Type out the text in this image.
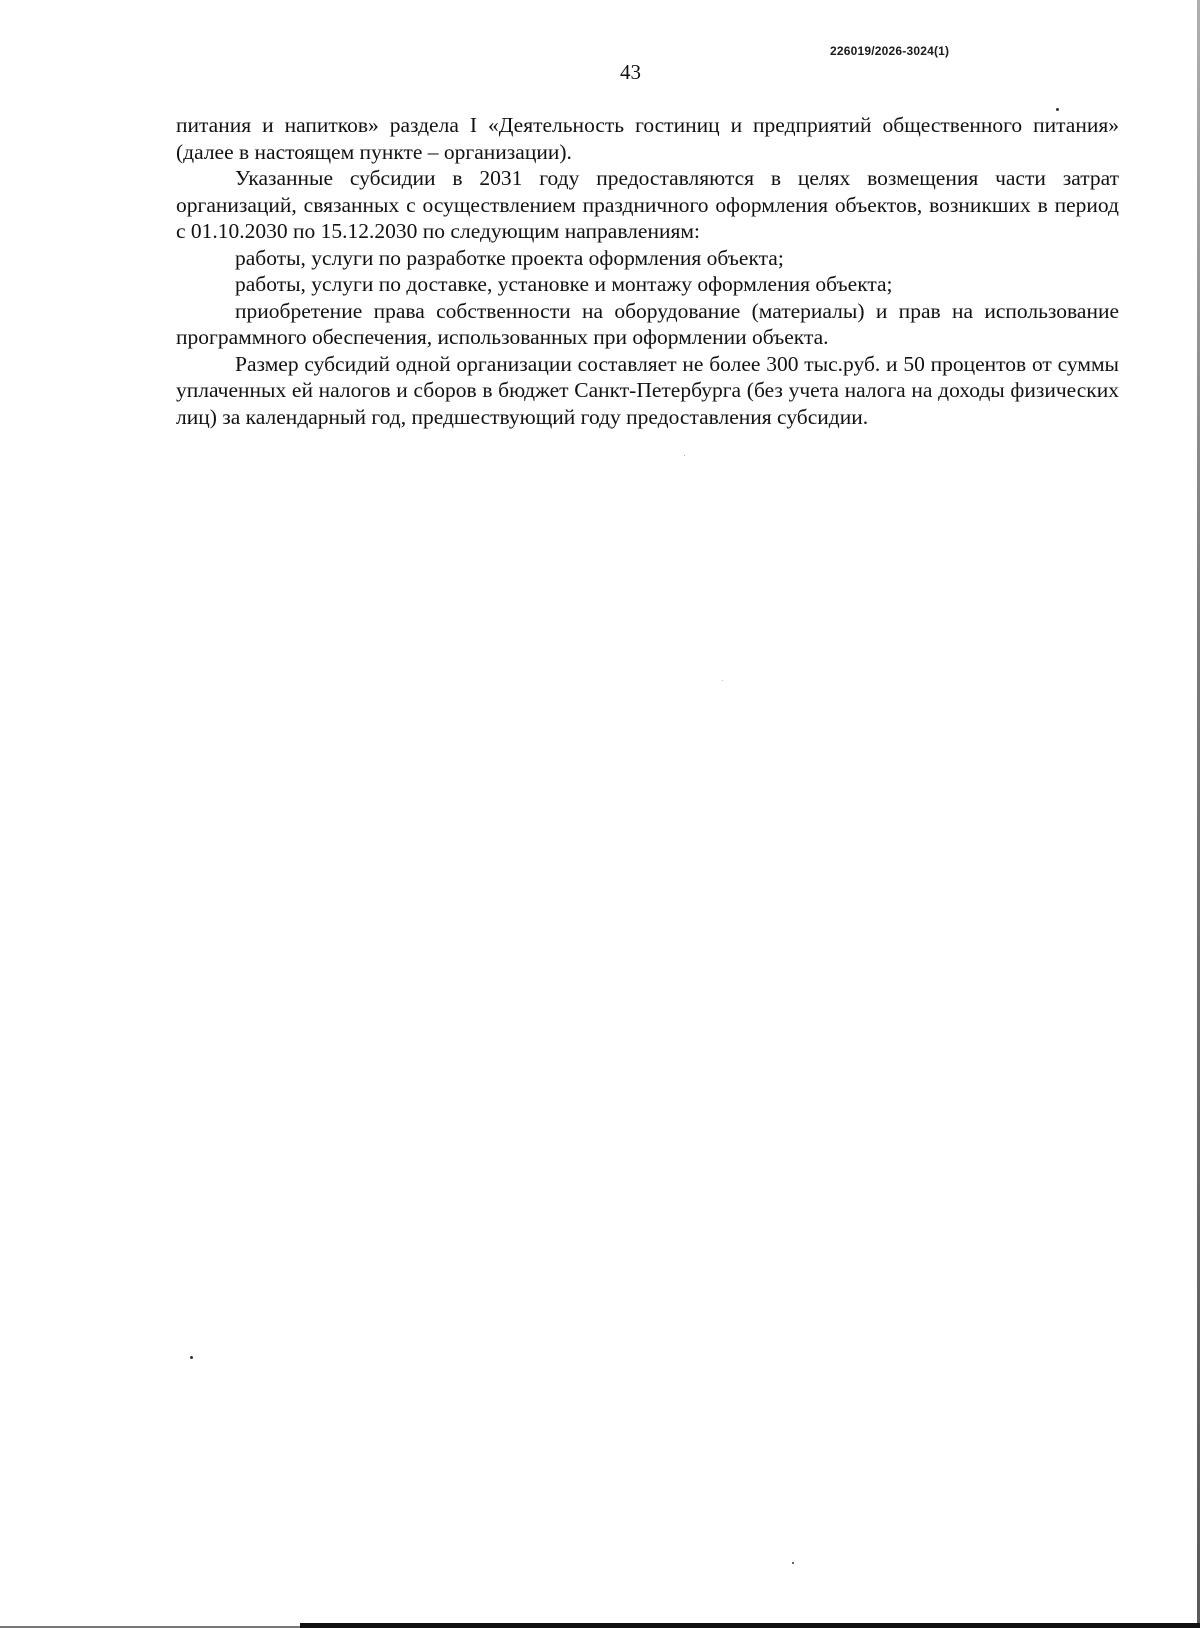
226019/2026-3024(1)
43

питания и напитков» раздела I «Деятельность гостиниц и предприятий общественного питания» (далее в настоящем пункте – организации).

Указанные субсидии в 2031 году предоставляются в целях возмещения части затрат организаций, связанных с осуществлением праздничного оформления объектов, возникших в период с 01.10.2030 по 15.12.2030 по следующим направлениям:

работы, услуги по разработке проекта оформления объекта;

работы, услуги по доставке, установке и монтажу оформления объекта;

приобретение права собственности на оборудование (материалы) и прав на использование программного обеспечения, использованных при оформлении объекта.

Размер субсидий одной организации составляет не более 300 тыс.руб. и 50 процентов от суммы уплаченных ей налогов и сборов в бюджет Санкт-Петербурга (без учета налога на доходы физических лиц) за календарный год, предшествующий году предоставления субсидии.
